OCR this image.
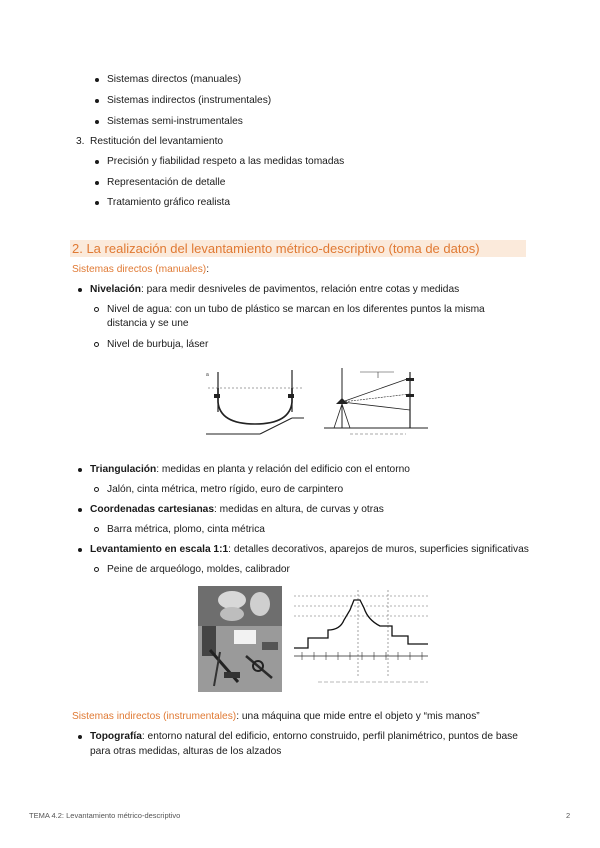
Sistemas directos (manuales)
Sistemas indirectos (instrumentales)
Sistemas semi-instrumentales
3. Restitución del levantamiento
Precisión y fiabilidad respeto a las medidas tomadas
Representación de detalle
Tratamiento gráfico realista
2. La realización del levantamiento métrico-descriptivo (toma de datos)
Sistemas directos (manuales):
Nivelación: para medir desniveles de pavimentos, relación entre cotas y medidas
Nivel de agua: con un tubo de plástico se marcan en los diferentes puntos la misma
distancia y se une
Nivel de burbuja, láser
a
Triangulación: medidas en planta y relación del edificio con el entorno
Jalón, cinta métrica, metro rígido, euro de carpintero
Coordenadas cartesianas: medidas en altura, de curvas y otras
Barra métrica, plomo, cinta métrica
Levantamiento en escala 1:1: detalles decorativos, aparejos de muros, superficies significativas
Peine de arqueólogo, moldes, calibrador
Sistemas indirectos (instrumentales): una máquina que mide entre el objeto y “mis manos”
Topografía: entorno natural del edificio, entorno construido, perfil planimétrico, puntos de base
para otras medidas, alturas de los alzados
TEMA 4.2: Levantamiento métrico-descriptivo	2
